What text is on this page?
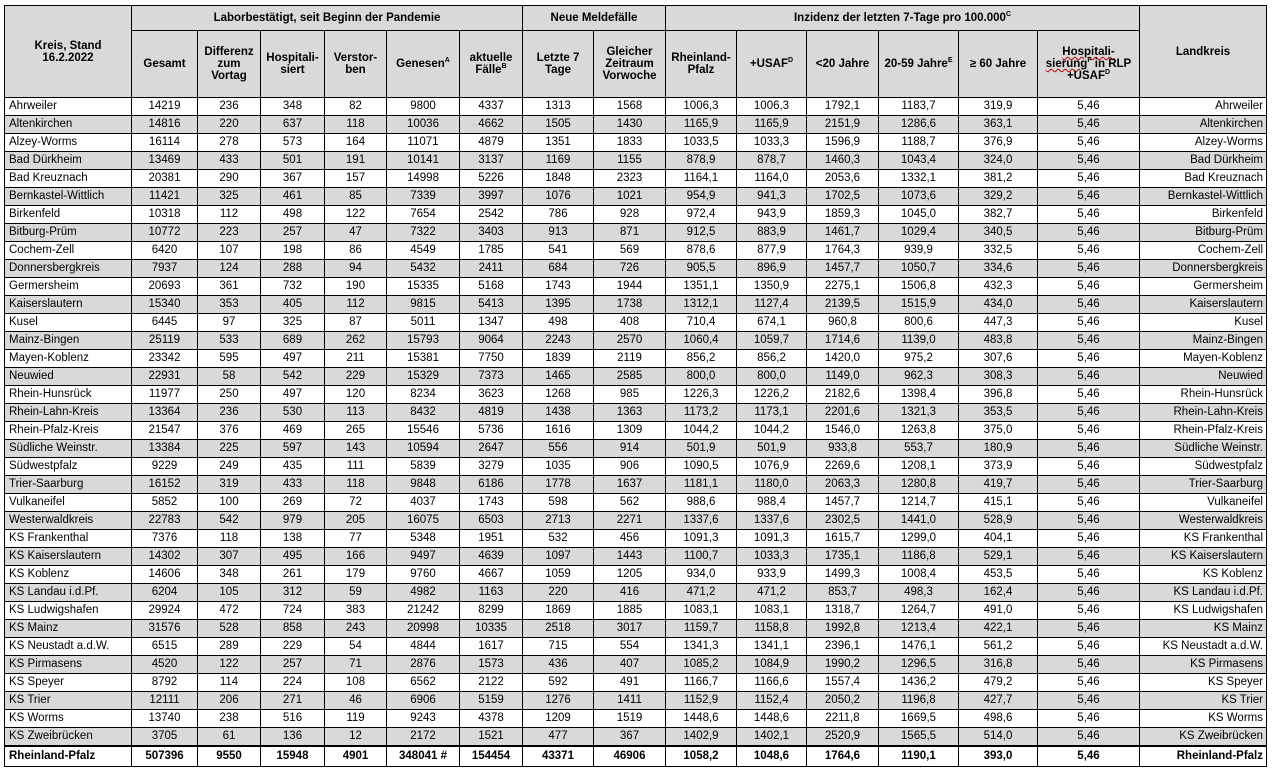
Kreis, Stand 16.2.2022	Laborbestätigt, seit Beginn der Pandemie						Neue Meldefälle		Inzidenz der letzten 7-Tage pro $100.000^C$						Landkreis
	Gesamt	Differenz zum Vortag	Hospitali-siert	Verstor-ben	Genesen$^A$	aktuelle Fälle$^B$	Letzte 7 Tage	Gleicher Zeitraum Vorwoche	Rheinland-Pfalz	$+USAF^D$	<20 Jahre	20-59 Jahre$^E$	≥ 60 Jahre	Hospitali-
sierung$^F$ in RLP
$+USAF^D$
Ahrweiler	14219	236	348	82	9800	4337	1313	1568	1006,3	1006,3	1792,1	1183,7	319,9	5,46	Ahrweiler
Altenkirchen	14816	220	637	118	10036	4662	1505	1430	1165,9	1165,9	2151,9	1286,6	363,1	5,46	Altenkirchen
Alzey-Worms	16114	278	573	164	11071	4879	1351	1833	1033,5	1033,3	1596,9	1188,7	376,9	5,46	Alzey-Worms
Bad Dürkheim	13469	433	501	191	10141	3137	1169	1155	878,9	878,7	1460,3	1043,4	324,0	5,46	Bad Dürkheim
Bad Kreuznach	20381	290	367	157	14998	5226	1848	2323	1164,1	1164,0	2053,6	1332,1	381,2	5,46	Bad Kreuznach
Bernkastel-Wittlich	11421	325	461	85	7339	3997	1076	1021	954,9	941,3	1702,5	1073,6	329,2	5,46	Bernkastel-Wittlich
Birkenfeld	10318	112	498	122	7654	2542	786	928	972,4	943,9	1859,3	1045,0	382,7	5,46	Birkenfeld
Bitburg-Prüm	10772	223	257	47	7322	3403	913	871	912,5	883,9	1461,7	1029,4	340,5	5,46	Bitburg-Prüm
Cochem-Zell	6420	107	198	86	4549	1785	541	569	878,6	877,9	1764,3	939,9	332,5	5,46	Cochem-Zell
Donnersbergkreis	7937	124	288	94	5432	2411	684	726	905,5	896,9	1457,7	1050,7	334,6	5,46	Donnersbergkreis
Germersheim	20693	361	732	190	15335	5168	1743	1944	1351,1	1350,9	2275,1	1506,8	432,3	5,46	Germersheim
Kaiserslautern	15340	353	405	112	9815	5413	1395	1738	1312,1	1127,4	2139,5	1515,9	434,0	5,46	Kaiserslautern
Kusel	6445	97	325	87	5011	1347	498	408	710,4	674,1	960,8	800,6	447,3	5,46	Kusel
Mainz-Bingen	25119	533	689	262	15793	9064	2243	2570	1060,4	1059,7	1714,6	1139,0	483,8	5,46	Mainz-Bingen
Mayen-Koblenz	23342	595	497	211	15381	7750	1839	2119	856,2	856,2	1420,0	975,2	307,6	5,46	Mayen-Koblenz
Neuwied	22931	58	542	229	15329	7373	1465	2585	800,0	800,0	1149,0	962,3	308,3	5,46	Neuwied
Rhein-Hunsrück	11977	250	497	120	8234	3623	1268	985	1226,3	1226,2	2182,6	1398,4	396,8	5,46	Rhein-Hunsrück
Rhein-Lahn-Kreis	13364	236	530	113	8432	4819	1438	1363	1173,2	1173,1	2201,6	1321,3	353,5	5,46	Rhein-Lahn-Kreis
Rhein-Pfalz-Kreis	21547	376	469	265	15546	5736	1616	1309	1044,2	1044,2	1546,0	1263,8	375,0	5,46	Rhein-Pfalz-Kreis
Südliche Weinstr.	13384	225	597	143	10594	2647	556	914	501,9	501,9	933,8	553,7	180,9	5,46	Südliche Weinstr.
Südwestpfalz	9229	249	435	111	5839	3279	1035	906	1090,5	1076,9	2269,6	1208,1	373,9	5,46	Südwestpfalz
Trier-Saarburg	16152	319	433	118	9848	6186	1778	1637	1181,1	1180,0	2063,3	1280,8	419,7	5,46	Trier-Saarburg
Vulkaneifel	5852	100	269	72	4037	1743	598	562	988,6	988,4	1457,7	1214,7	415,1	5,46	Vulkaneifel
Westerwaldkreis	22783	542	979	205	16075	6503	2713	2271	1337,6	1337,6	2302,5	1441,0	528,9	5,46	Westerwaldkreis
KS Frankenthal	7376	118	138	77	5348	1951	532	456	1091,3	1091,3	1615,7	1299,0	404,1	5,46	KS Frankenthal
KS Kaiserslautern	14302	307	495	166	9497	4639	1097	1443	1100,7	1033,3	1735,1	1186,8	529,1	5,46	KS Kaiserslautern
KS Koblenz	14606	348	261	179	9760	4667	1059	1205	934,0	933,9	1499,3	1008,4	453,5	5,46	KS Koblenz
KS Landau i.d.Pf.	6204	105	312	59	4982	1163	220	416	471,2	471,2	853,7	498,3	162,4	5,46	KS Landau i.d.Pf.
KS Ludwigshafen	29924	472	724	383	21242	8299	1869	1885	1083,1	1083,1	1318,7	1264,7	491,0	5,46	KS Ludwigshafen
KS Mainz	31576	528	858	243	20998	10335	2518	3017	1159,7	1158,8	1992,8	1213,4	422,1	5,46	KS Mainz
KS Neustadt a.d.W.	6515	289	229	54	4844	1617	715	554	1341,3	1341,1	2396,1	1476,1	561,2	5,46	KS Neustadt a.d.W.
KS Pirmasens	4520	122	257	71	2876	1573	436	407	1085,2	1084,9	1990,2	1296,5	316,8	5,46	KS Pirmasens
KS Speyer	8792	114	224	108	6562	2122	592	491	1166,7	1166,6	1557,4	1436,2	479,2	5,46	KS Speyer
KS Trier	12111	206	271	46	6906	5159	1276	1411	1152,9	1152,4	2050,2	1196,8	427,7	5,46	KS Trier
KS Worms	13740	238	516	119	9243	4378	1209	1519	1448,6	1448,6	2211,8	1669,5	498,6	5,46	KS Worms
KS Zweibrücken	3705	61	136	12	2172	1521	477	367	1402,9	1402,1	2520,9	1565,5	514,0	5,46	KS Zweibrücken
Rheinland-Pfalz	507396	9550	15948	4901	348041 #	154454	43371	46906	1058,2	1048,6	1764,6	1190,1	393,0	5,46	Rheinland-Pfalz
